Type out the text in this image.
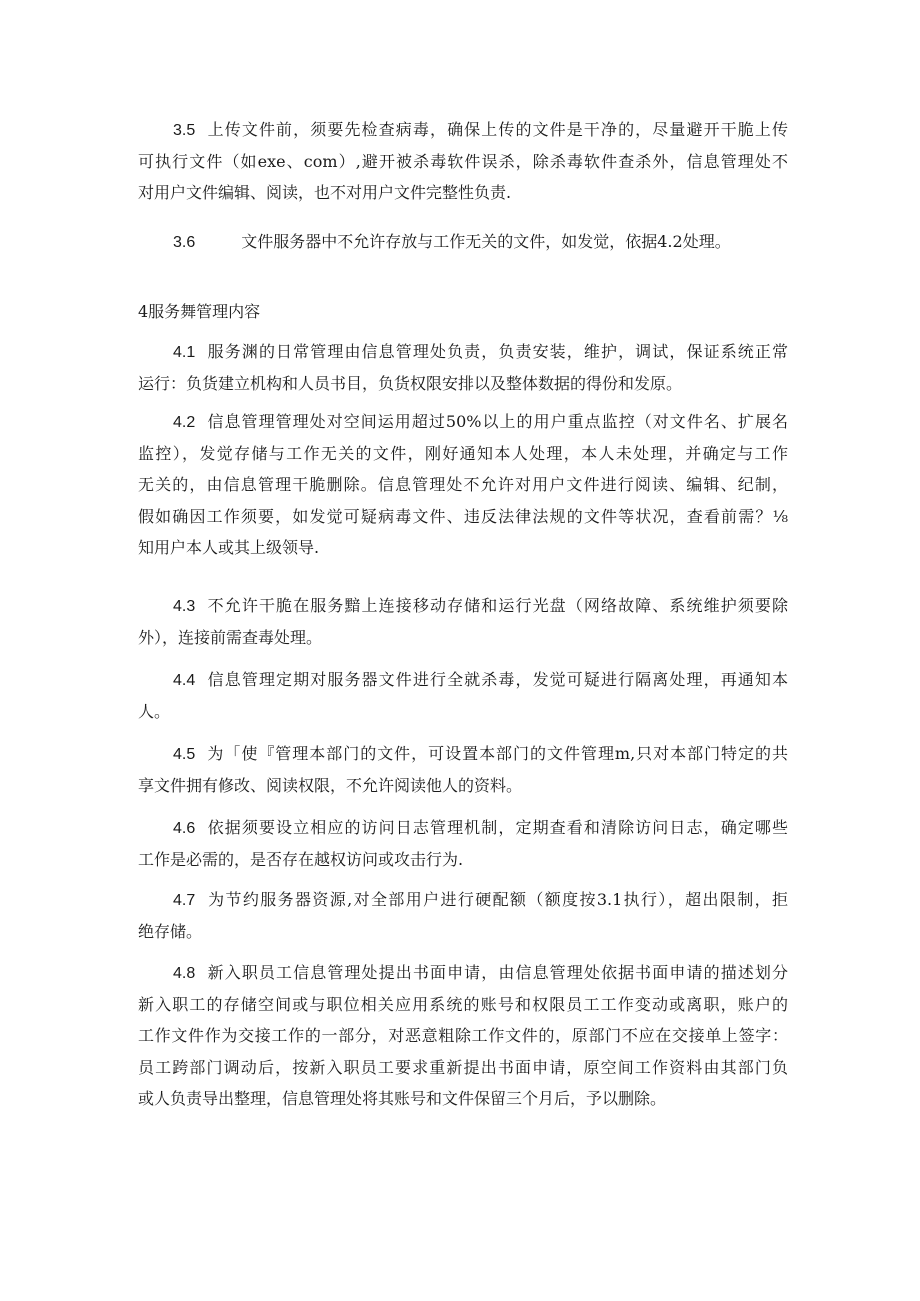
3.5 上传文件前，须要先检查病毒，确保上传的文件是干净的，尽量避开干脆上传
可执行文件（如exe、com）,避开被杀毒软件误杀，除杀毒软件查杀外，信息管理处不
对用户文件编辑、阅读，也不对用户文件完整性负责.
3.6	文件服务器中不允许存放与工作无关的文件，如发觉，依据4.2处理。
4服务舞管理内容
4.1 服务渊的日常管理由信息管理处负责，负责安装，维护，调试，保证系统正常
运行：负货建立机构和人员书目，负货权限安排以及整体数据的得份和发原。
4.2 信息管理管理处对空间运用超过50%以上的用户重点监控（对文件名、扩展名
监控），发觉存储与工作无关的文件，刚好通知本人处理，本人未处理，并确定与工作
无关的，由信息管理干脆删除。信息管理处不允许对用户文件进行阅读、编辑、纪制，
假如确因工作须要，如发觉可疑病毒文件、违反法律法规的文件等状况，查看前需？⅛
知用户本人或其上级领导.
4.3 不允许干脆在服务黯上连接移动存储和运行光盘（网络故障、系统维护须要除
外），连接前需查毒处理。
4.4 信息管理定期对服务器文件进行全就杀毒，发觉可疑进行隔离处理，再通知本
人。
4.5 为「使『管理本部门的文件，可设置本部门的文件管理m,只对本部门特定的共
享文件拥有修改、阅读权限，不允许阅读他人的资料。
4.6 依据须要设立相应的访问日志管理机制，定期查看和清除访问日志，确定哪些
工作是必需的，是否存在越权访问或攻击行为.
4.7 为节约服务器资源,对全部用户进行硬配额（额度按3.1执行），超出限制，拒
绝存储。
4.8 新入职员工信息管理处提出书面申请，由信息管理处依据书面申请的描述划分
新入职工的存储空间或与职位相关应用系统的账号和权限员工工作变动或离职，账户的
工作文件作为交接工作的一部分，对恶意粗除工作文件的，原部门不应在交接单上签字：
员工跨部门调动后，按新入职员工要求重新提出书面申请，原空间工作资料由其部门负
或人负责导出整理，信息管理处将其账号和文件保留三个月后，予以删除。
